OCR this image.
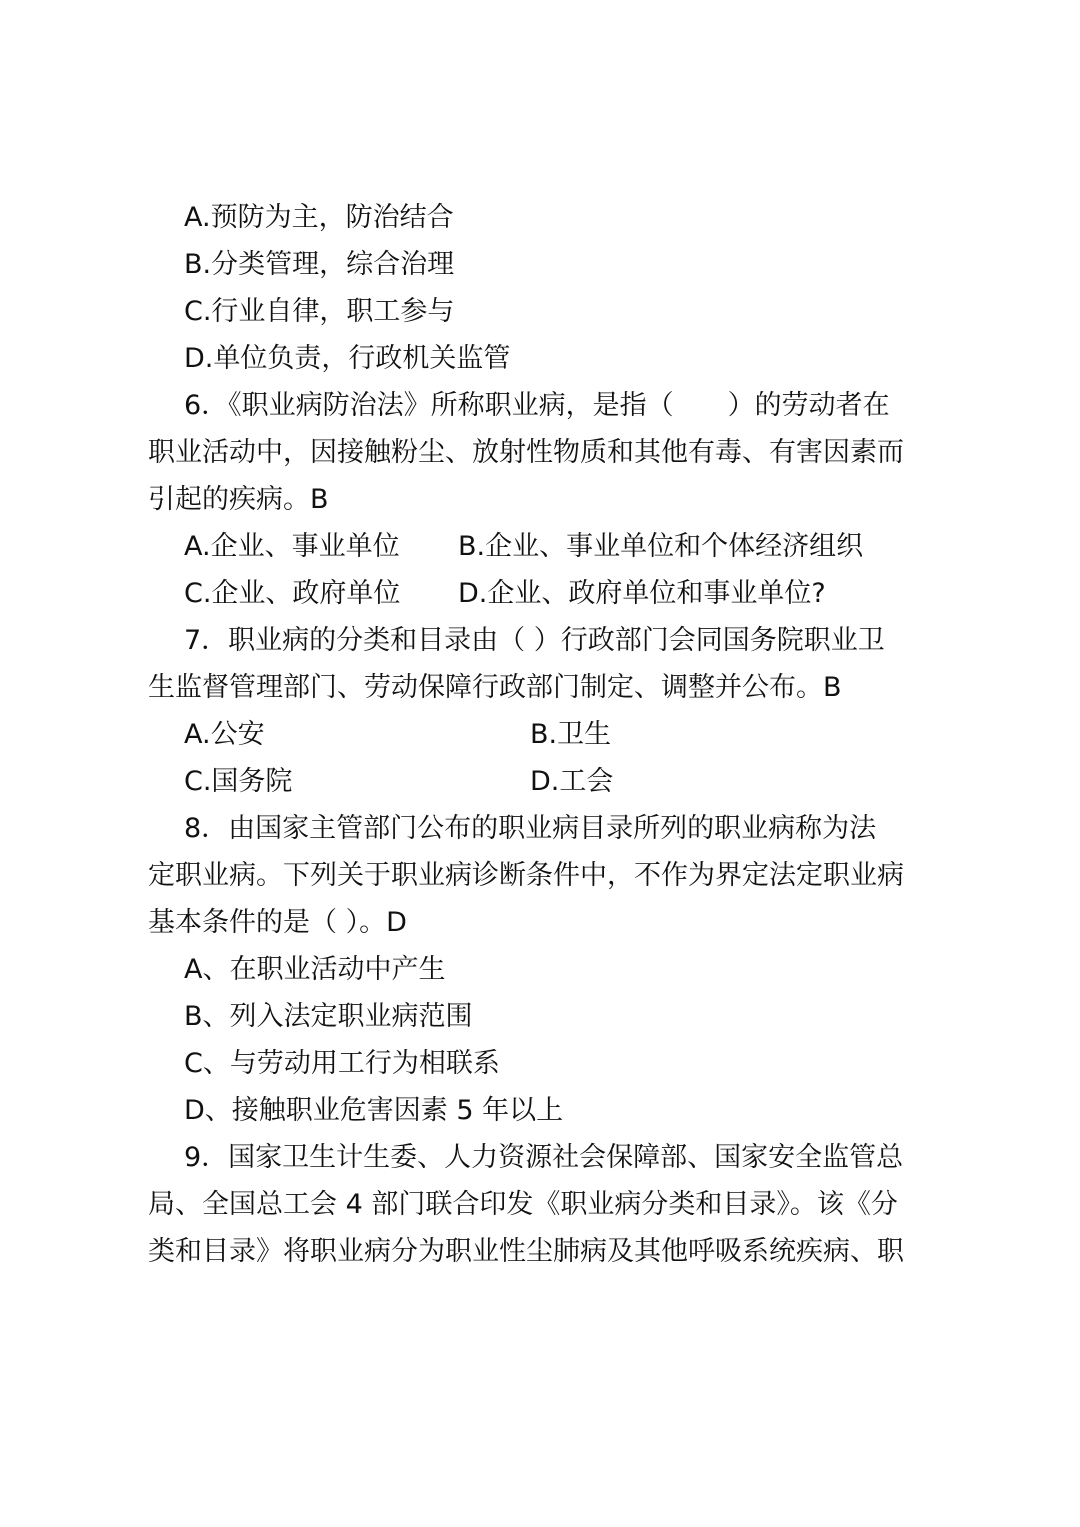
A.预防为主，防治结合
B.分类管理，综合治理
C.行业自律，职工参与
D.单位负责，行政机关监管
6．《职业病防治法》所称职业病，是指（　　）的劳动者在
职业活动中，因接触粉尘、放射性物质和其他有毒、有害因素而
引起的疾病。B
A.企业、事业单位	B.企业、事业单位和个体经济组织
C.企业、政府单位	D.企业、政府单位和事业单位?
7．职业病的分类和目录由（ ）行政部门会同国务院职业卫
生监督管理部门、劳动保障行政部门制定、调整并公布。B
A.公安	B.卫生
C.国务院	D.工会
8．由国家主管部门公布的职业病目录所列的职业病称为法
定职业病。下列关于职业病诊断条件中，不作为界定法定职业病
基本条件的是（ ）。D
A、在职业活动中产生
B、列入法定职业病范围
C、与劳动用工行为相联系
D、接触职业危害因素 5 年以上
9．国家卫生计生委、人力资源社会保障部、国家安全监管总
局、全国总工会 4 部门联合印发《职业病分类和目录》。该《分
类和目录》将职业病分为职业性尘肺病及其他呼吸系统疾病、职
